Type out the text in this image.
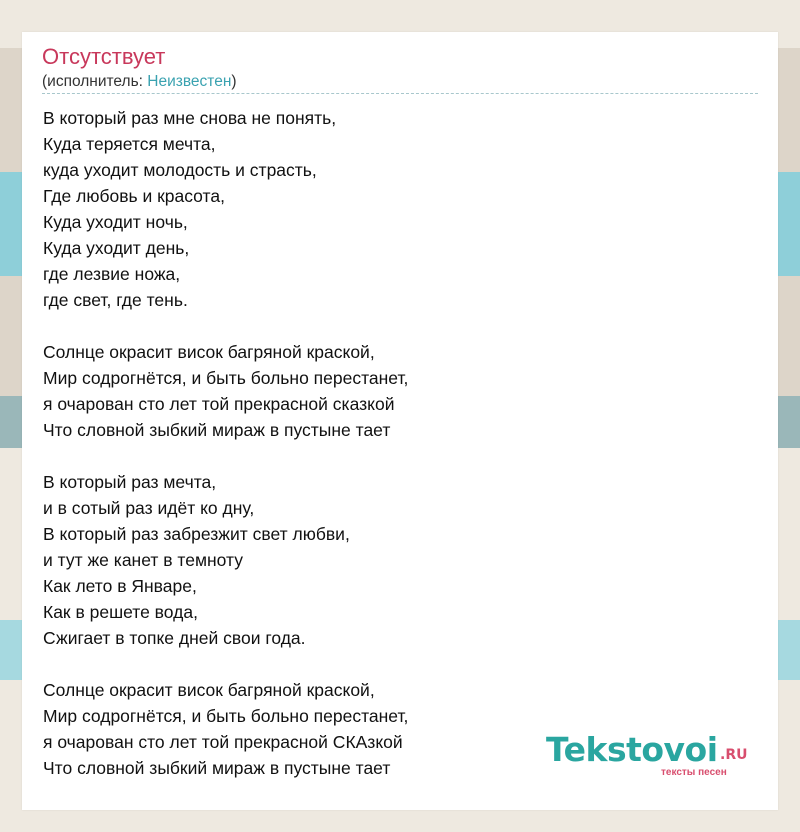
Отсутствует
(исполнитель: Неизвестен)
В который раз мне снова не понять,
Куда теряется мечта,
куда уходит молодость и страсть,
Где любовь и красота,
Куда уходит ночь,
Куда уходит день,
где лезвие ножа,
где свет, где тень.
Солнце окрасит висок багряной краской,
Мир содрогнётся, и быть больно перестанет,
я очарован сто лет той прекрасной сказкой
Что словной зыбкий мираж в пустыне тает
В который раз мечта,
и в сотый раз идёт ко дну,
В который раз забрезжит свет любви,
и тут же канет в темноту
Как лето в Январе,
Как в решете вода,
Сжигает в топке дней свои года.
Солнце окрасит висок багряной краской,
Мир содрогнётся, и быть больно перестанет,
я очарован сто лет той прекрасной СКАзкой
Что словной зыбкий мираж в пустыне тает	Tekstovoi .RU
тексты песен
